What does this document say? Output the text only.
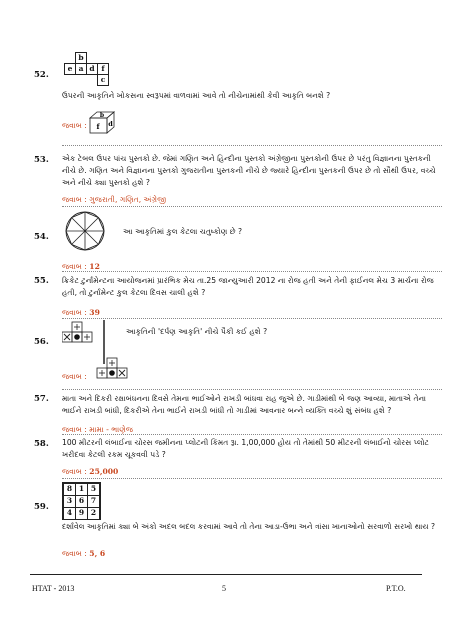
52.
b
e a d f
c
ઉપરની આકૃતિને ખોકસના સ્વરૂપમાં વાળવામાં આવે તો નીચેનામાંથી કેવી આકૃતિ બનશે ?
જવાબ :
b
f d
53. એક ટેબલ ઉપર પાંચ પુસ્તકો છે. જેમાં ગણિત અને હિન્દીના પુસ્તકો અંગ્રેજીના પુસ્તકોની ઉપર છે પરંતુ વિજ્ઞાનના પુસ્તકની નીચે છે. ગણિત અને વિજ્ઞાનના પુસ્તકો ગુજરાતીના પુસ્તકની નીચે છે જ્યારે હિન્દીના પુસ્તકની ઉપર છે તો સૌથી ઉપર, વચ્ચે અને નીચે ક્યા પુસ્તકો હશે ?
જવાબ : ગુજરાતી, ગણિત, અંગ્રેજી
54.
આ આકૃતિમાં કુલ કેટલા ચતુષ્કોણ છે ?
જવાબ : 12
55. ક્રિકેટ ટુર્નામેન્ટના આયોજનમાં પ્રારંભિક મેચ તા.25 જાન્યુઆરી 2012 ના રોજ હતી અને તેની ફાઈનલ મેચ 3 માર્ચના રોજ હતી, તો ટુર્નામેન્ટ કુલ કેટલા દિવસ ચાલી હશે ?
જવાબ : 39
56.
આકૃતિની 'દર્પણ આકૃતિ' નીચે પૈકી કઈ હશે ?
જવાબ :
57. માતા અને દિકરી રક્ષાબંધનના દિવસે તેમના ભાઈઓને રાખડી બાંધવા રાહ જુએ છે. ગાડીમાંથી બે જણ આવ્યા, માતાએ તેના ભાઈને રાખડી બાંધી, દિકરીએ તેના ભાઈને રાખડી બાંધી તો ગાડીમાં આવનાર બન્ને વ્યક્તિ વચ્ચે શું સંબંધ હશે ?
જવાબ : મામા - ભાણેજ
58. 100 મીટરની લંબાઈના ચોરસ જમીનના પ્લોટની કિંમત રૂા. 1,00,000 હોય તો તેમાંથી 50 મીટરની લંબાઈનો ચોરસ પ્લોટ ખરીદવા કેટલી રકમ ચૂકવવી પડે ?
જવાબ : 25,000
59.
8 1 5
3 6 7
4 9 2
દર્શાવેલ આકૃતિમાં ક્યા બે અંકો અદલ બદલ કરવામાં આવે તો તેના આડા-ઉભા અને ત્રાંસા ખાનાઓનો સરવાળો સરખો થાય ?
જવાબ : 5, 6
HTAT - 2013	5	P.T.O.
